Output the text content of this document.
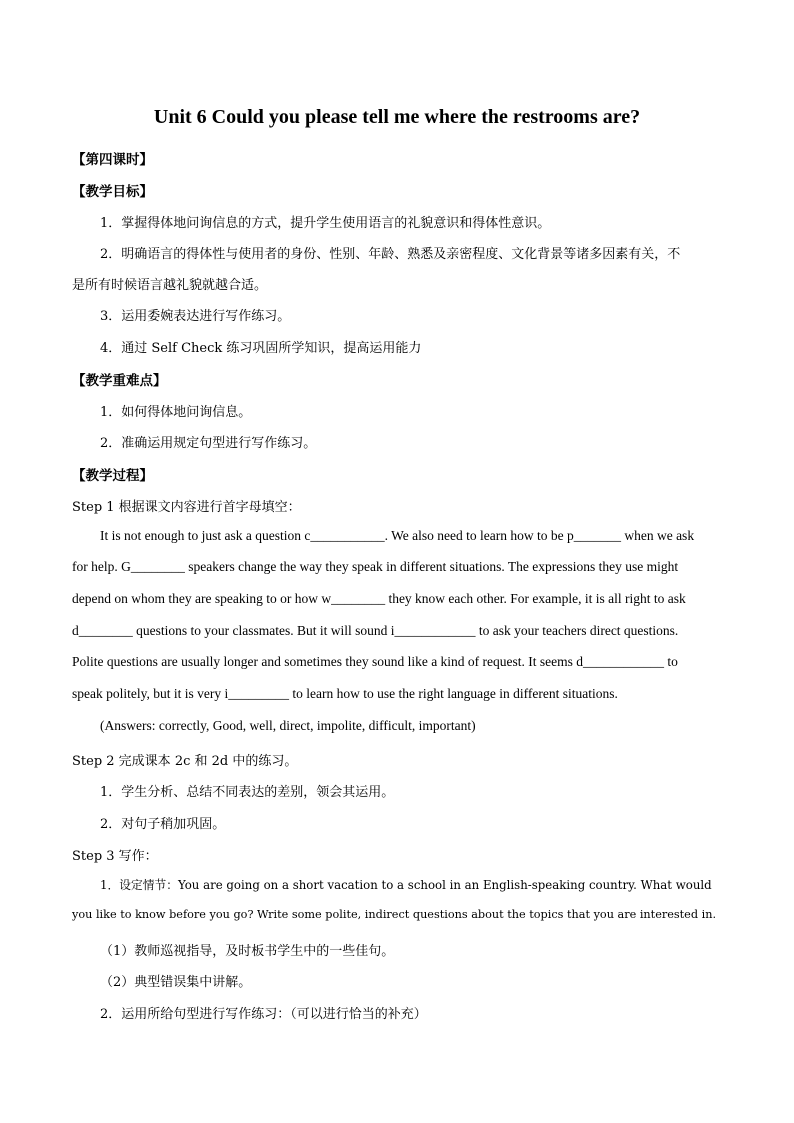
Unit 6 Could you please tell me where the restrooms are?
【第四课时】
【教学目标】
1．掌握得体地问询信息的方式，提升学生使用语言的礼貌意识和得体性意识。
2．明确语言的得体性与使用者的身份、性别、年龄、熟悉及亲密程度、文化背景等诸多因素有关，不
是所有时候语言越礼貌就越合适。
3．运用委婉表达进行写作练习。
4．通过 Self Check 练习巩固所学知识，提高运用能力
【教学重难点】
1．如何得体地问询信息。
2．准确运用规定句型进行写作练习。
【教学过程】
Step 1 根据课文内容进行首字母填空：
It is not enough to just ask a question c___________. We also need to learn how to be p_______ when we ask
for help. G________ speakers change the way they speak in different situations. The expressions they use might
depend on whom they are speaking to or how w________ they know each other. For example, it is all right to ask
d________ questions to your classmates. But it will sound i____________ to ask your teachers direct questions.
Polite questions are usually longer and sometimes they sound like a kind of request. It seems d____________ to
speak politely, but it is very i_________ to learn how to use the right language in different situations.
(Answers: correctly, Good, well, direct, impolite, difficult, important)
Step 2 完成课本 2c 和 2d 中的练习。
1．学生分析、总结不同表达的差别，领会其运用。
2．对句子稍加巩固。
Step 3 写作：
1．设定情节：You are going on a short vacation to a school in an English-speaking country. What would
you like to know before you go? Write some polite, indirect questions about the topics that you are interested in.
（1）教师巡视指导，及时板书学生中的一些佳句。
（2）典型错误集中讲解。
2．运用所给句型进行写作练习：（可以进行恰当的补充）
